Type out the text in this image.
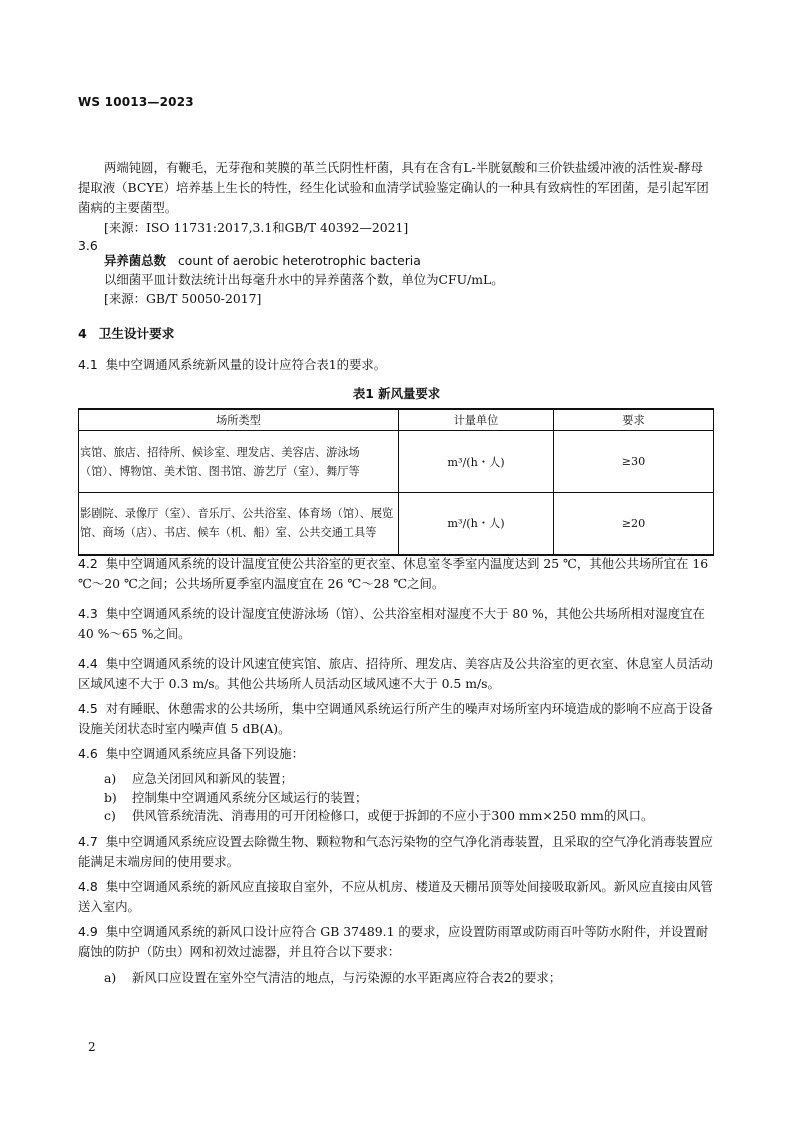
WS 10013—2023
两端钝圆，有鞭毛，无芽孢和荚膜的革兰氏阴性杆菌，具有在含有L-半胱氨酸和三价铁盐缓冲液的活性炭-酵母提取液（BCYE）培养基上生长的特性，经生化试验和血清学试验鉴定确认的一种具有致病性的军团菌，是引起军团菌病的主要菌型。
[来源：ISO 11731:2017,3.1和GB/T 40392—2021]
3.6
异养菌总数 count of aerobic heterotrophic bacteria
以细菌平皿计数法统计出每毫升水中的异养菌落个数，单位为CFU/mL。
[来源：GB/T 50050-2017]
4 卫生设计要求
4.1 集中空调通风系统新风量的设计应符合表1的要求。
表1 新风量要求
场所类型	计量单位	要求
宾馆、旅店、招待所、候诊室、理发店、美容店、游泳场（馆）、博物馆、美术馆、图书馆、游艺厅（室）、舞厅等	m³/(h・人)	≥30
影剧院、录像厅（室）、音乐厅、公共浴室、体育场（馆）、展览馆、商场（店）、书店、候车（机、船）室、公共交通工具等	m³/(h・人)	≥20
4.2 集中空调通风系统的设计温度宜使公共浴室的更衣室、休息室冬季室内温度达到 25 ℃，其他公共场所宜在 16 ℃～20 ℃之间；公共场所夏季室内温度宜在 26 ℃～28 ℃之间。
4.3 集中空调通风系统的设计湿度宜使游泳场（馆）、公共浴室相对湿度不大于 80 %，其他公共场所相对湿度宜在 40 %～65 %之间。
4.4 集中空调通风系统的设计风速宜使宾馆、旅店、招待所、理发店、美容店及公共浴室的更衣室、休息室人员活动区域风速不大于 0.3 m/s。其他公共场所人员活动区域风速不大于 0.5 m/s。
4.5 对有睡眠、休憩需求的公共场所，集中空调通风系统运行所产生的噪声对场所室内环境造成的影响不应高于设备设施关闭状态时室内噪声值 5 dB(A)。
4.6 集中空调通风系统应具备下列设施：
a) 应急关闭回风和新风的装置；
b) 控制集中空调通风系统分区域运行的装置；
c) 供风管系统清洗、消毒用的可开闭检修口，或便于拆卸的不应小于300 mm×250 mm的风口。
4.7 集中空调通风系统应设置去除微生物、颗粒物和气态污染物的空气净化消毒装置，且采取的空气净化消毒装置应能满足末端房间的使用要求。
4.8 集中空调通风系统的新风应直接取自室外，不应从机房、楼道及天棚吊顶等处间接吸取新风。新风应直接由风管送入室内。
4.9 集中空调通风系统的新风口设计应符合 GB 37489.1 的要求，应设置防雨罩或防雨百叶等防水附件，并设置耐腐蚀的防护（防虫）网和初效过滤器，并且符合以下要求：
a) 新风口应设置在室外空气清洁的地点，与污染源的水平距离应符合表2的要求；
2
